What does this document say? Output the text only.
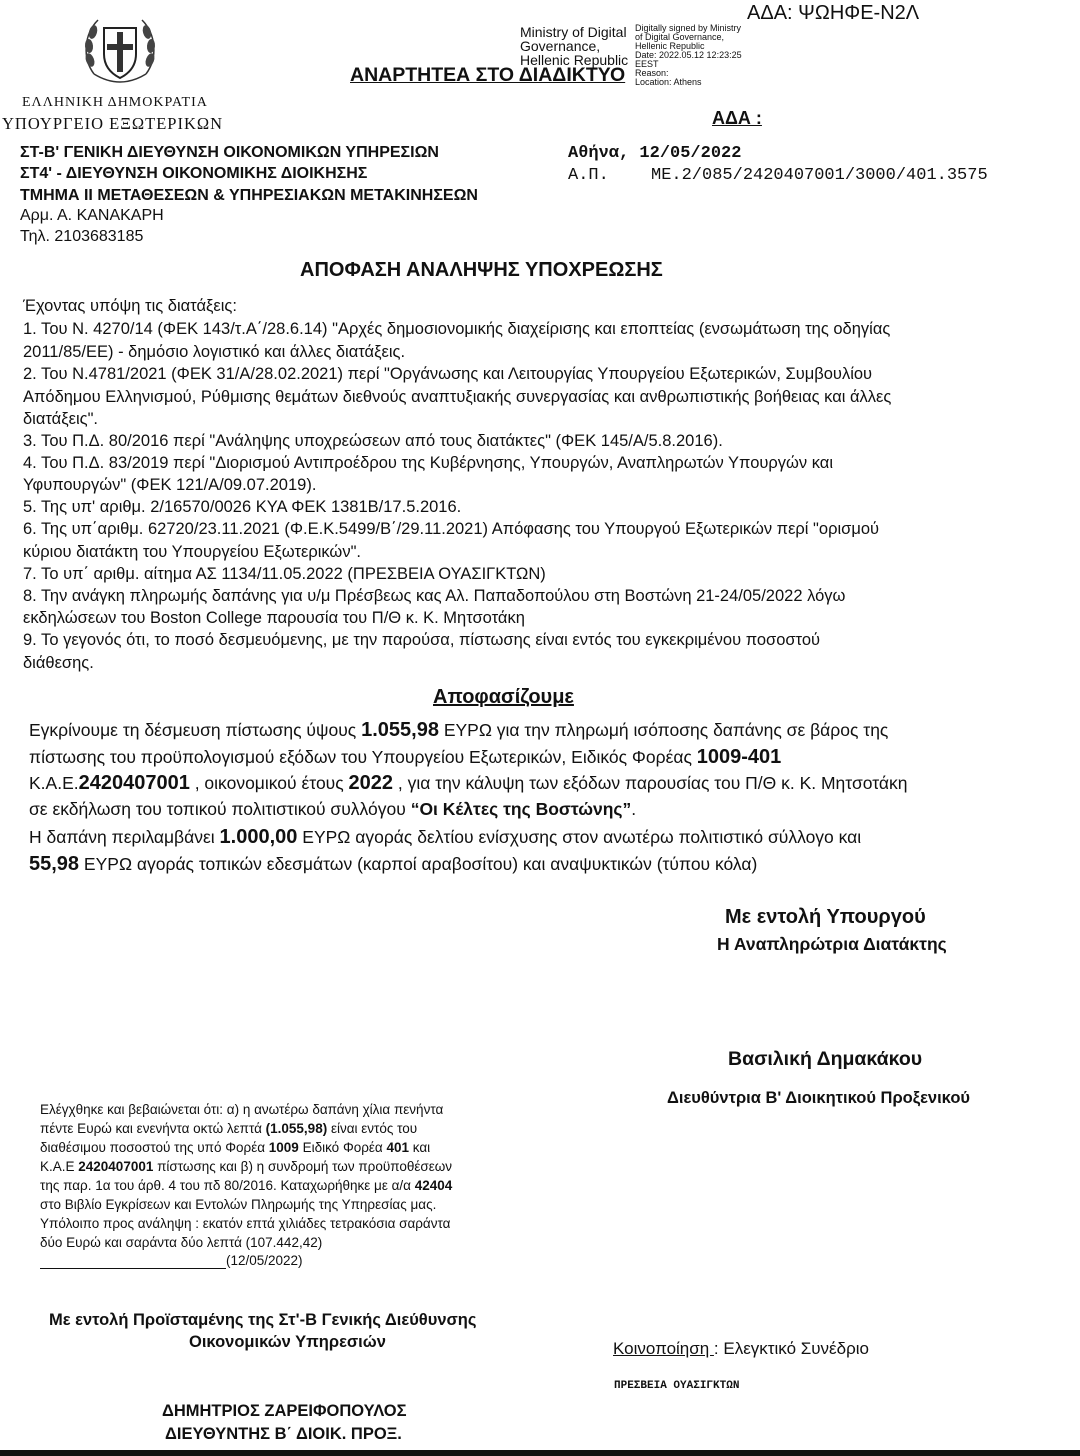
ΕΛΛΗΝΙΚΗ ΔΗΜΟΚΡΑΤΙΑ
ΥΠΟΥΡΓΕΙΟ ΕΞΩΤΕΡΙΚΩΝ
Ministry of Digital
Governance,
Hellenic Republic
Digitally signed by Ministry
of Digital Governance,
Hellenic Republic
Date: 2022.05.12 12:23:25
EEST
Reason:
Location: Athens
ΑΔΑ: ΨΩΗΦΕ-Ν2Λ
ΑΝΑΡΤΗΤΕΑ ΣΤΟ ΔΙΑΔΙΚΤΥΟ
ΑΔΑ :
ΣΤ-Β' ΓΕΝΙΚΗ ΔΙΕΥΘΥΝΣΗ ΟΙΚΟΝΟΜΙΚΩΝ ΥΠΗΡΕΣΙΩΝ
ΣΤ4' - ΔΙΕΥΘΥΝΣΗ ΟΙΚΟΝΟΜΙΚΗΣ ΔΙΟΙΚΗΣΗΣ
ΤΜΗΜΑ ΙΙ ΜΕΤΑΘΕΣΕΩΝ & ΥΠΗΡΕΣΙΑΚΩΝ ΜΕΤΑΚΙΝΗΣΕΩΝ
Αρμ. Α. ΚΑΝΑΚΑΡΗ
Τηλ. 2103683185
Αθήνα, 12/05/2022
Α.Π. ΜΕ.2/085/2420407001/3000/401.3575
ΑΠΟΦΑΣΗ ΑΝΑΛΗΨΗΣ ΥΠΟΧΡΕΩΣΗΣ
Έχοντας υπόψη τις διατάξεις:
1. Του Ν. 4270/14 (ΦΕΚ 143/τ.Α΄/28.6.14) "Αρχές δημοσιονομικής διαχείρισης και εποπτείας (ενσωμάτωση της οδηγίας
2011/85/ΕΕ) - δημόσιο λογιστικό και άλλες διατάξεις.
2. Του Ν.4781/2021 (ΦΕΚ 31/Α/28.02.2021) περί "Οργάνωσης και Λειτουργίας Υπουργείου Εξωτερικών, Συμβουλίου
Απόδημου Ελληνισμού, Ρύθμισης θεμάτων διεθνούς αναπτυξιακής συνεργασίας και ανθρωπιστικής βοήθειας και άλλες
διατάξεις".
3. Του Π.Δ. 80/2016 περί "Ανάληψης υποχρεώσεων από τους διατάκτες" (ΦΕΚ 145/Α/5.8.2016).
4. Του Π.Δ. 83/2019 περί "Διορισμού Αντιπροέδρου της Κυβέρνησης, Υπουργών, Αναπληρωτών Υπουργών και
Υφυπουργών" (ΦΕΚ 121/Α/09.07.2019).
5. Της υπ' αριθμ. 2/16570/0026 ΚΥΑ ΦΕΚ 1381Β/17.5.2016.
6. Της υπ΄αριθμ. 62720/23.11.2021 (Φ.Ε.Κ.5499/Β΄/29.11.2021) Απόφασης του Υπουργού Εξωτερικών περί "ορισμού
κύριου διατάκτη του Υπουργείου Εξωτερικών".
7. Το υπ΄ αριθμ. αίτημα ΑΣ 1134/11.05.2022 (ΠΡΕΣΒΕΙΑ ΟΥΑΣΙΓΚΤΩΝ)
8. Την ανάγκη πληρωμής δαπάνης για υ/μ Πρέσβεως κας Αλ. Παπαδοπούλου στη Βοστώνη 21-24/05/2022 λόγω
εκδηλώσεων του Boston College παρουσία του Π/Θ κ. Κ. Μητσοτάκη
9. Το γεγονός ότι, το ποσό δεσμευόμενης, με την παρούσα, πίστωσης είναι εντός του εγκεκριμένου ποσοστού
διάθεσης.
Αποφασίζουμε
Εγκρίνουμε τη δέσμευση πίστωσης ύψους 1.055,98 ΕΥΡΩ για την πληρωμή ισόποσης δαπάνης σε βάρος της
πίστωσης του προϋπολογισμού εξόδων του Υπουργείου Εξωτερικών, Ειδικός Φορέας 1009-401
Κ.Α.Ε.2420407001 , οικονομικού έτους 2022 , για την κάλυψη των εξόδων παρουσίας του Π/Θ κ. Κ. Μητσοτάκη
σε εκδήλωση του τοπικού πολιτιστικού συλλόγου “Οι Κέλτες της Βοστώνης”.
Η δαπάνη περιλαμβάνει 1.000,00 ΕΥΡΩ αγοράς δελτίου ενίσχυσης στον ανωτέρω πολιτιστικό σύλλογο και
55,98 ΕΥΡΩ αγοράς τοπικών εδεσμάτων (καρποί αραβοσίτου) και αναψυκτικών (τύπου κόλα)
Με εντολή Υπουργού
Η Αναπληρώτρια Διατάκτης
Βασιλική Δημακάκου
Διευθύντρια Β' Διοικητικού Προξενικού
Ελέγχθηκε και βεβαιώνεται ότι: α) η ανωτέρω δαπάνη χίλια πενήντα
πέντε Ευρώ και ενενήντα οκτώ λεπτά (1.055,98) είναι εντός του
διαθέσιμου ποσοστού της υπό Φορέα 1009 Ειδικό Φορέα 401 και
Κ.Α.Ε 2420407001 πίστωσης και β) η συνδρομή των προϋποθέσεων
της παρ. 1α του άρθ. 4 του πδ 80/2016. Καταχωρήθηκε με α/α 42404
στο Βιβλίο Εγκρίσεων και Εντολών Πληρωμής της Υπηρεσίας μας.
Υπόλοιπο προς ανάληψη : εκατόν επτά χιλιάδες τετρακόσια σαράντα
δύο Ευρώ και σαράντα δύο λεπτά (107.442,42)
(12/05/2022)
Με εντολή Προϊσταμένης της Στ'-Β Γενικής Διεύθυνσης
Οικονομικών Υπηρεσιών
ΔΗΜΗΤΡΙΟΣ ΖΑΡΕΙΦΟΠΟΥΛΟΣ
ΔΙΕΥΘΥΝΤΗΣ Β΄ ΔΙΟΙΚ. ΠΡΟΞ.
Κοινοποίηση : Ελεγκτικό Συνέδριο
ΠΡΕΣΒΕΙΑ ΟΥΑΣΙΓΚΤΩΝ
